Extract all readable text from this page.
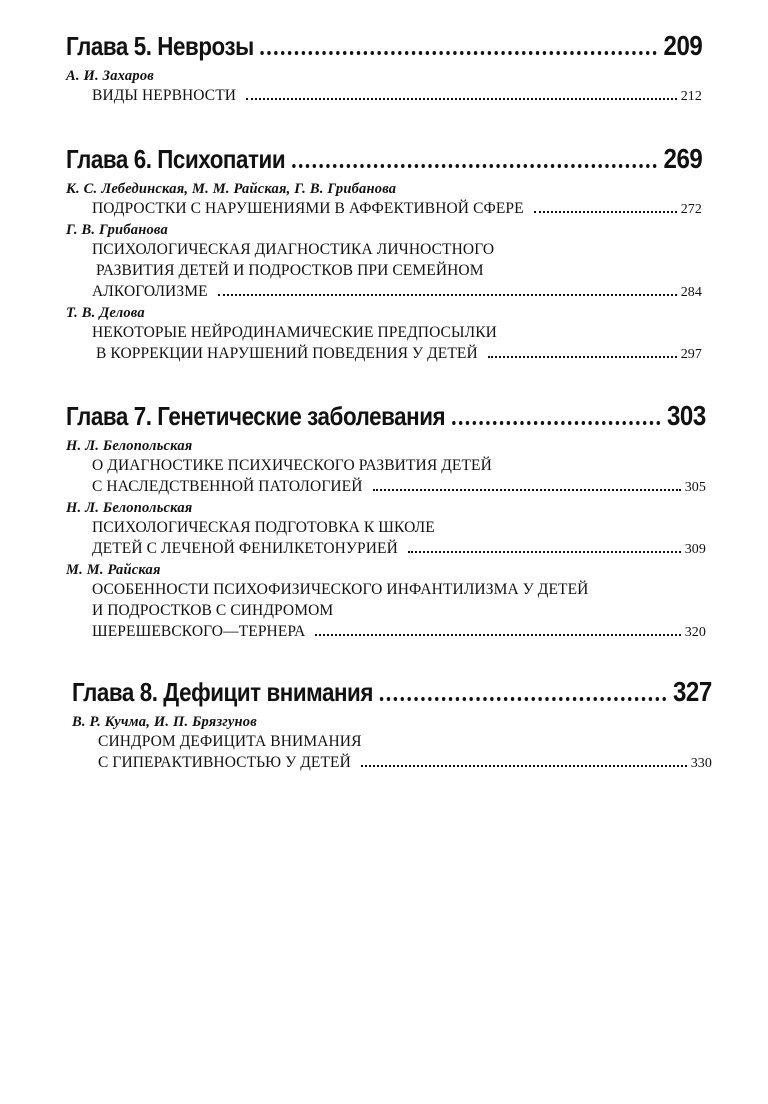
Глава 5. Неврозы	209
А. И. Захаров
ВИДЫ НЕРВНОСТИ	212
Глава 6. Психопатии	269
К. С. Лебединская, М. М. Райская, Г. В. Грибанова
ПОДРОСТКИ С НАРУШЕНИЯМИ В АФФЕКТИВНОЙ СФЕРЕ	272
Г. В. Грибанова
ПСИХОЛОГИЧЕСКАЯ ДИАГНОСТИКА ЛИЧНОСТНОГО
РАЗВИТИЯ ДЕТЕЙ И ПОДРОСТКОВ ПРИ СЕМЕЙНОМ
АЛКОГОЛИЗМЕ	284
Т. В. Делова
НЕКОТОРЫЕ НЕЙРОДИНАМИЧЕСКИЕ ПРЕДПОСЫЛКИ
В КОРРЕКЦИИ НАРУШЕНИЙ ПОВЕДЕНИЯ У ДЕТЕЙ	297
Глава 7. Генетические заболевания	303
Н. Л. Белопольская
О ДИАГНОСТИКЕ ПСИХИЧЕСКОГО РАЗВИТИЯ ДЕТЕЙ
С НАСЛЕДСТВЕННОЙ ПАТОЛОГИЕЙ	305
Н. Л. Белопольская
ПСИХОЛОГИЧЕСКАЯ ПОДГОТОВКА К ШКОЛЕ
ДЕТЕЙ С ЛЕЧЕНОЙ ФЕНИЛКЕТОНУРИЕЙ	309
М. М. Райская
ОСОБЕННОСТИ ПСИХОФИЗИЧЕСКОГО ИНФАНТИЛИЗМА У ДЕТЕЙ
И ПОДРОСТКОВ С СИНДРОМОМ
ШЕРЕШЕВСКОГО—ТЕРНЕРА	320
Глава 8. Дефицит внимания	327
В. Р. Кучма, И. П. Брязгунов
СИНДРОМ ДЕФИЦИТА ВНИМАНИЯ
С ГИПЕРАКТИВНОСТЬЮ У ДЕТЕЙ	330
